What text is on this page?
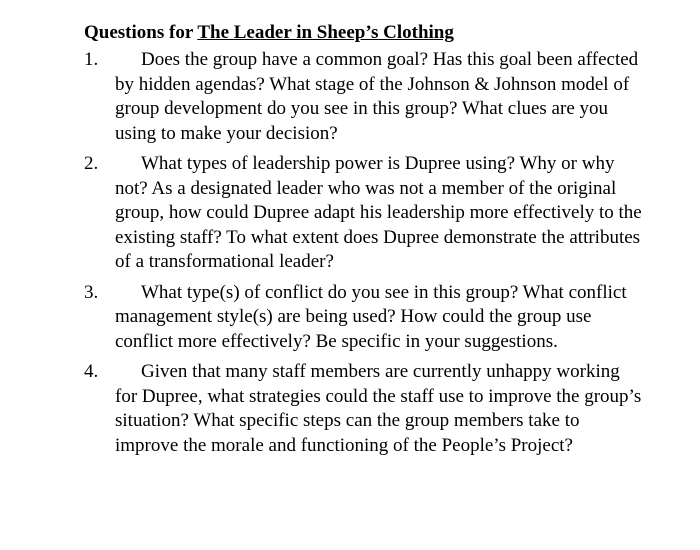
Questions for The Leader in Sheep’s Clothing
1.	Does the group have a common goal? Has this goal been affected by hidden agendas? What stage of the Johnson & Johnson model of group development do you see in this group? What clues are you using to make your decision?
2.	What types of leadership power is Dupree using? Why or why not? As a designated leader who was not a member of the original group, how could Dupree adapt his leadership more effectively to the existing staff? To what extent does Dupree demonstrate the attributes of a transformational leader?
3.	What type(s) of conflict do you see in this group? What conflict management style(s) are being used? How could the group use conflict more effectively? Be specific in your suggestions.
4.	Given that many staff members are currently unhappy working for Dupree, what strategies could the staff use to improve the group’s situation? What specific steps can the group members take to improve the morale and functioning of the People’s Project?
